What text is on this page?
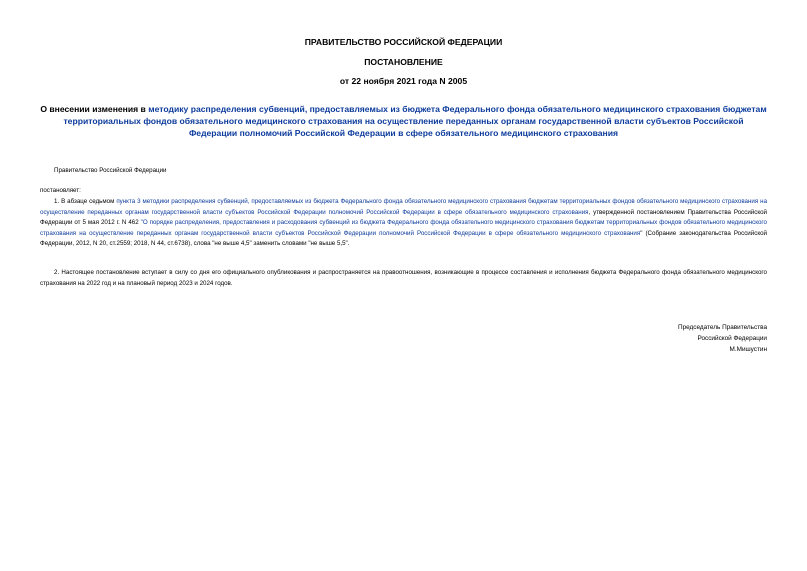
ПРАВИТЕЛЬСТВО РОССИЙСКОЙ ФЕДЕРАЦИИ
ПОСТАНОВЛЕНИЕ
от 22 ноября 2021 года N 2005
О внесении изменения в методику распределения субвенций, предоставляемых из бюджета Федерального фонда обязательного медицинского страхования бюджетам территориальных фондов обязательного медицинского страхования на осуществление переданных органам государственной власти субъектов Российской Федерации полномочий Российской Федерации в сфере обязательного медицинского страхования
Правительство Российской Федерации
постановляет:
1. В абзаце седьмом пункта 3 методики распределения субвенций, предоставляемых из бюджета Федерального фонда обязательного медицинского страхования бюджетам территориальных фондов обязательного медицинского страхования на осуществление переданных органам государственной власти субъектов Российской Федерации полномочий Российской Федерации в сфере обязательного медицинского страхования, утвержденной постановлением Правительства Российской Федерации от 5 мая 2012 г. N 462 "О порядке распределения, предоставления и расходования субвенций из бюджета Федерального фонда обязательного медицинского страхования бюджетам территориальных фондов обязательного медицинского страхования на осуществление переданных органам государственной власти субъектов Российской Федерации полномочий Российской Федерации в сфере обязательного медицинского страхования" (Собрание законодательства Российской Федерации, 2012, N 20, ст.2559; 2018, N 44, ст.6738), слова "не выше 4,5" заменить словами "не выше 5,5".
2. Настоящее постановление вступает в силу со дня его официального опубликования и распространяется на правоотношения, возникающие в процессе составления и исполнения бюджета Федерального фонда обязательного медицинского страхования на 2022 год и на плановый период 2023 и 2024 годов.
Председатель Правительства
Российской Федерации
М.Мишустин
